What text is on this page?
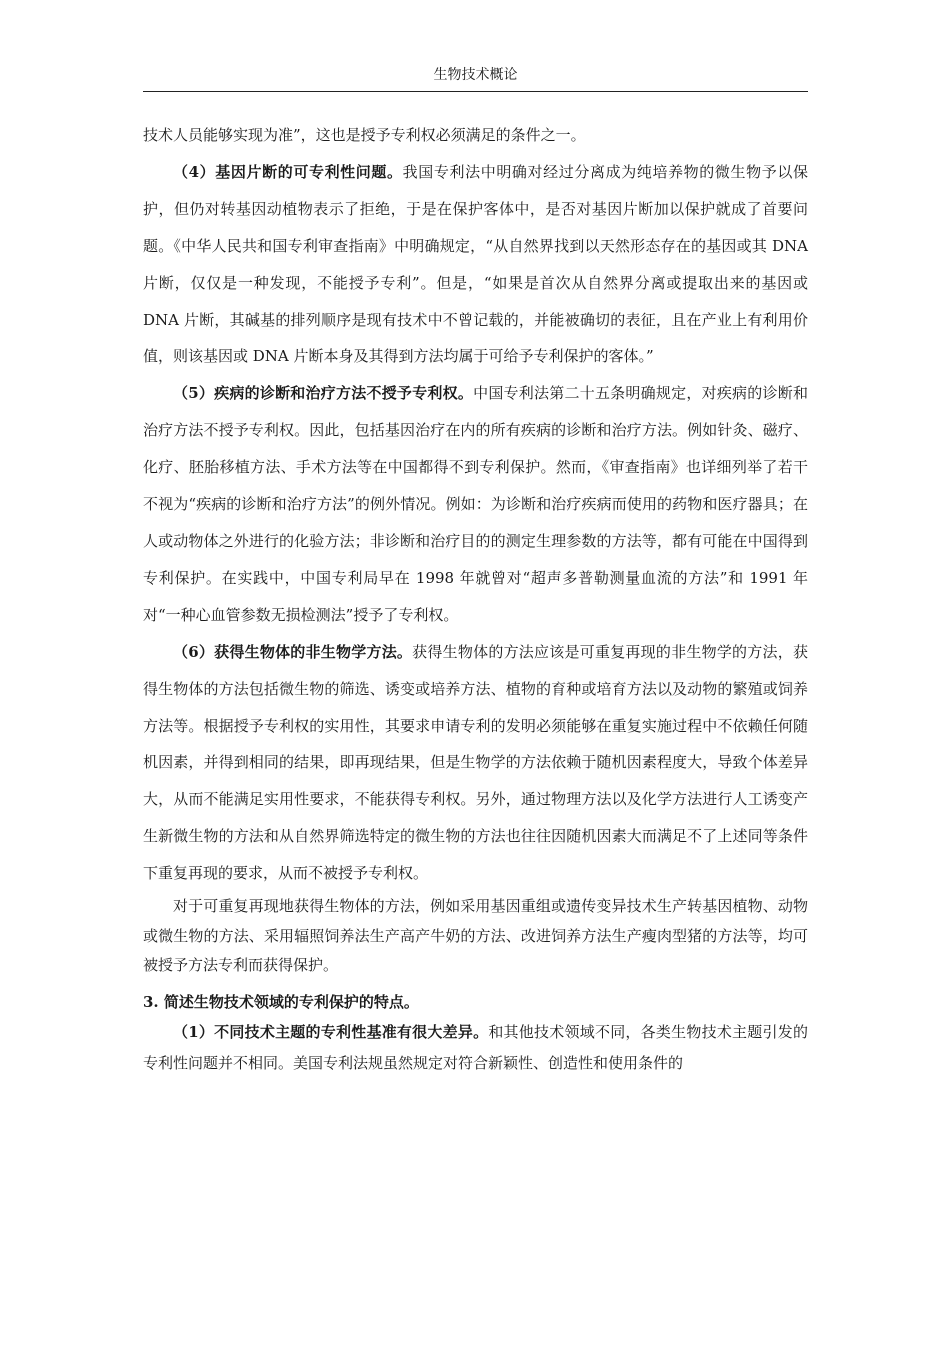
生物技术概论

技术人员能够实现为准”，这也是授予专利权必须满足的条件之一。

（4）基因片断的可专利性问题。我国专利法中明确对经过分离成为纯培养物的微生物予以保护，但仍对转基因动植物表示了拒绝，于是在保护客体中，是否对基因片断加以保护就成了首要问题。《中华人民共和国专利审查指南》中明确规定，“从自然界找到以天然形态存在的基因或其 DNA 片断，仅仅是一种发现，不能授予专利”。但是，“如果是首次从自然界分离或提取出来的基因或 DNA 片断，其碱基的排列顺序是现有技术中不曾记载的，并能被确切的表征，且在产业上有利用价值，则该基因或 DNA 片断本身及其得到方法均属于可给予专利保护的客体。”

（5）疾病的诊断和治疗方法不授予专利权。中国专利法第二十五条明确规定，对疾病的诊断和治疗方法不授予专利权。因此，包括基因治疗在内的所有疾病的诊断和治疗方法。例如针灸、磁疗、化疗、胚胎移植方法、手术方法等在中国都得不到专利保护。然而，《审查指南》也详细列举了若干不视为“疾病的诊断和治疗方法”的例外情况。例如：为诊断和治疗疾病而使用的药物和医疗器具；在人或动物体之外进行的化验方法；非诊断和治疗目的的测定生理参数的方法等，都有可能在中国得到专利保护。在实践中，中国专利局早在 1998 年就曾对“超声多普勒测量血流的方法”和 1991 年对“一种心血管参数无损检测法”授予了专利权。

（6）获得生物体的非生物学方法。获得生物体的方法应该是可重复再现的非生物学的方法，获得生物体的方法包括微生物的筛选、诱变或培养方法、植物的育种或培育方法以及动物的繁殖或饲养方法等。根据授予专利权的实用性，其要求申请专利的发明必须能够在重复实施过程中不依赖任何随机因素，并得到相同的结果，即再现结果，但是生物学的方法依赖于随机因素程度大，导致个体差异大，从而不能满足实用性要求，不能获得专利权。另外，通过物理方法以及化学方法进行人工诱变产生新微生物的方法和从自然界筛选特定的微生物的方法也往往因随机因素大而满足不了上述同等条件下重复再现的要求，从而不被授予专利权。

对于可重复再现地获得生物体的方法，例如采用基因重组或遗传变异技术生产转基因植物、动物或微生物的方法、采用辐照饲养法生产高产牛奶的方法、改进饲养方法生产瘦肉型猪的方法等，均可被授予方法专利而获得保护。

3. 简述生物技术领域的专利保护的特点。

（1）不同技术主题的专利性基准有很大差异。和其他技术领域不同，各类生物技术主题引发的专利性问题并不相同。美国专利法规虽然规定对符合新颖性、创造性和使用条件的
